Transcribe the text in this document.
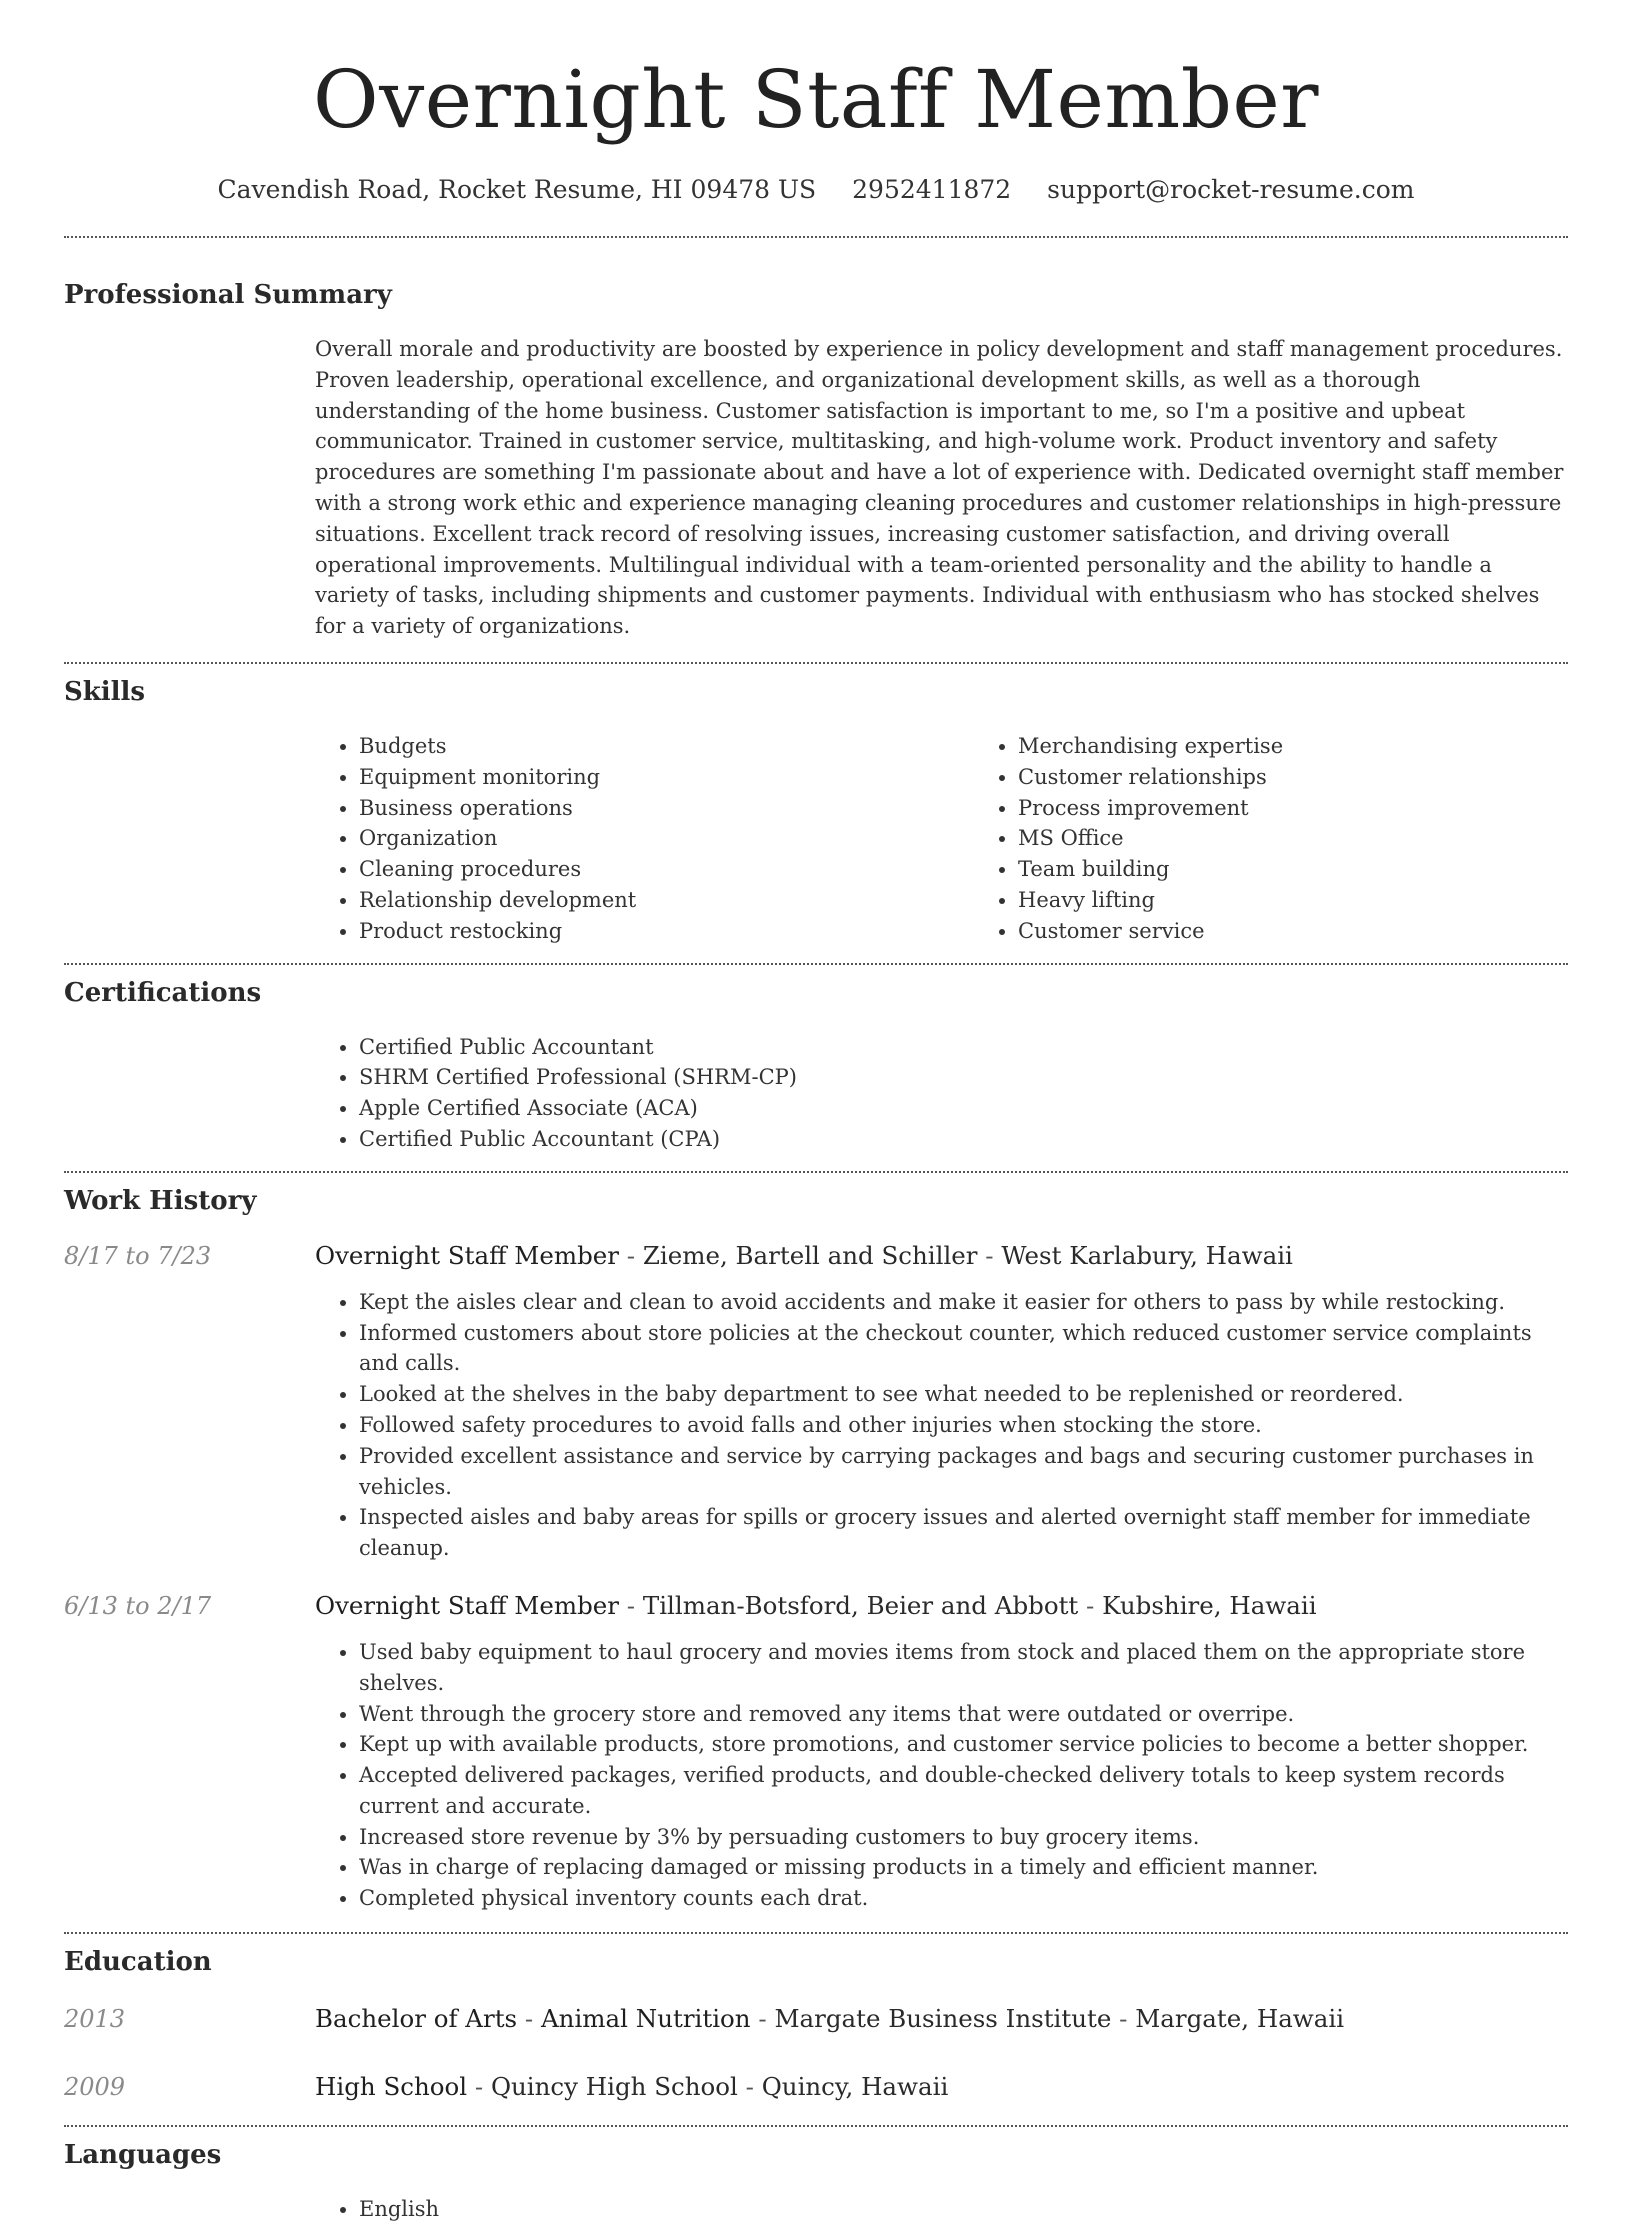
Overnight Staff Member
Cavendish Road, Rocket Resume, HI 09478 US 2952411872 support@rocket-resume.com
Professional Summary

Overall morale and productivity are boosted by experience in policy development and staff management procedures. Proven leadership, operational excellence, and organizational development skills, as well as a thorough understanding of the home business. Customer satisfaction is important to me, so I'm a positive and upbeat communicator. Trained in customer service, multitasking, and high-volume work. Product inventory and safety procedures are something I'm passionate about and have a lot of experience with. Dedicated overnight staff member with a strong work ethic and experience managing cleaning procedures and customer relationships in high-pressure situations. Excellent track record of resolving issues, increasing customer satisfaction, and driving overall operational improvements. Multilingual individual with a team-oriented personality and the ability to handle a variety of tasks, including shipments and customer payments. Individual with enthusiasm who has stocked shelves for a variety of organizations.

Skills
• Budgets
• Equipment monitoring
• Business operations
• Organization
• Cleaning procedures
• Relationship development
• Product restocking
• Merchandising expertise
• Customer relationships
• Process improvement
• MS Office
• Team building
• Heavy lifting
• Customer service
Certifications
• Certified Public Accountant
• SHRM Certified Professional (SHRM-CP)
• Apple Certified Associate (ACA)
• Certified Public Accountant (CPA)
Work History
8/17 to 7/23	Overnight Staff Member - Zieme, Bartell and Schiller - West Karlabury, Hawaii
• Kept the aisles clear and clean to avoid accidents and make it easier for others to pass by while restocking.
• Informed customers about store policies at the checkout counter, which reduced customer service complaints and calls.
• Looked at the shelves in the baby department to see what needed to be replenished or reordered.
• Followed safety procedures to avoid falls and other injuries when stocking the store.
• Provided excellent assistance and service by carrying packages and bags and securing customer purchases in vehicles.
• Inspected aisles and baby areas for spills or grocery issues and alerted overnight staff member for immediate cleanup.
6/13 to 2/17	Overnight Staff Member - Tillman-Botsford, Beier and Abbott - Kubshire, Hawaii
• Used baby equipment to haul grocery and movies items from stock and placed them on the appropriate store shelves.
• Went through the grocery store and removed any items that were outdated or overripe.
• Kept up with available products, store promotions, and customer service policies to become a better shopper.
• Accepted delivered packages, verified products, and double-checked delivery totals to keep system records current and accurate.
• Increased store revenue by 3% by persuading customers to buy grocery items.
• Was in charge of replacing damaged or missing products in a timely and efficient manner.
• Completed physical inventory counts each drat.
Education
2013	Bachelor of Arts - Animal Nutrition - Margate Business Institute - Margate, Hawaii
2009	High School - Quincy High School - Quincy, Hawaii
Languages
• English
